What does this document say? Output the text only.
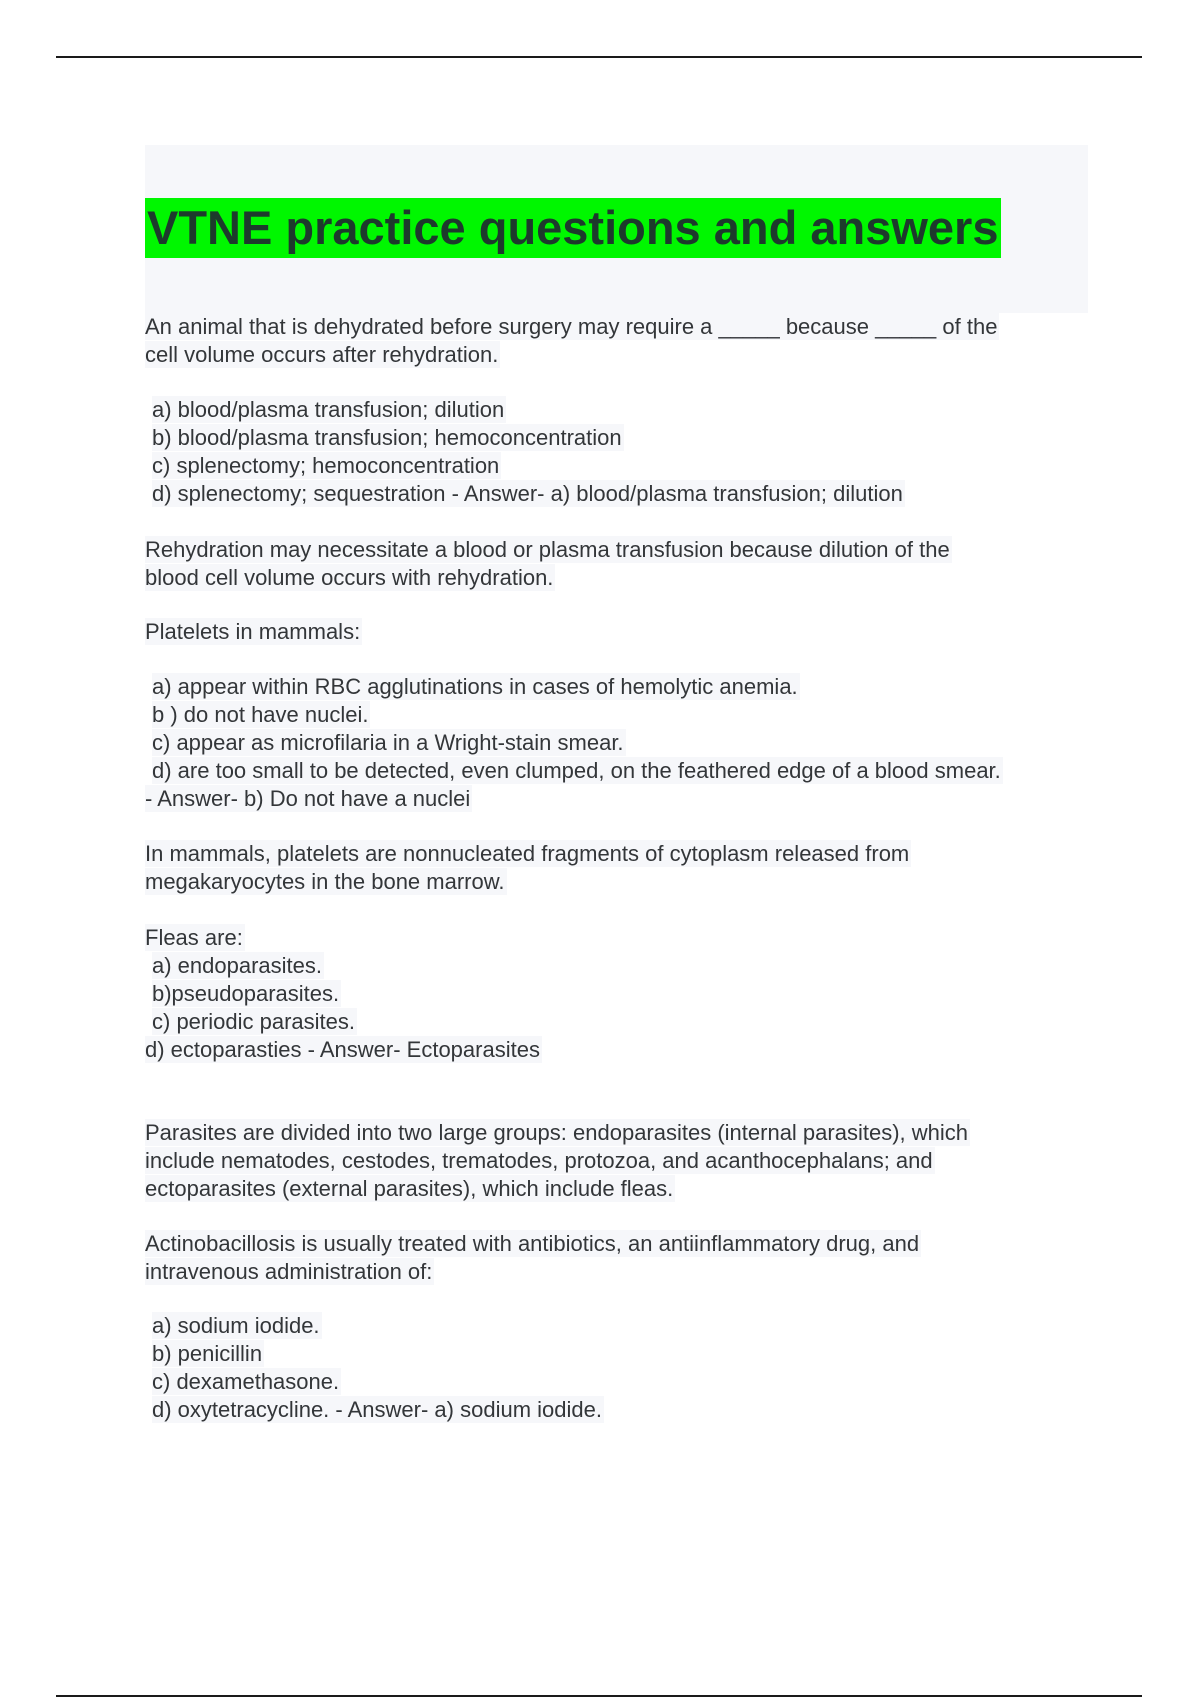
VTNE practice questions and answers
An animal that is dehydrated before surgery may require a _____ because _____ of the
cell volume occurs after rehydration.
a) blood/plasma transfusion; dilution
b) blood/plasma transfusion; hemoconcentration
c) splenectomy; hemoconcentration
d) splenectomy; sequestration - Answer- a) blood/plasma transfusion; dilution
Rehydration may necessitate a blood or plasma transfusion because dilution of the
blood cell volume occurs with rehydration.
Platelets in mammals:
a) appear within RBC agglutinations in cases of hemolytic anemia.
b ) do not have nuclei.
c) appear as microfilaria in a Wright-stain smear.
d) are too small to be detected, even clumped, on the feathered edge of a blood smear.
- Answer- b) Do not have a nuclei
In mammals, platelets are nonnucleated fragments of cytoplasm released from
megakaryocytes in the bone marrow.
Fleas are:
a) endoparasites.
b)pseudoparasites.
c) periodic parasites.
d) ectoparasties - Answer- Ectoparasites
Parasites are divided into two large groups: endoparasites (internal parasites), which
include nematodes, cestodes, trematodes, protozoa, and acanthocephalans; and
ectoparasites (external parasites), which include fleas.
Actinobacillosis is usually treated with antibiotics, an antiinflammatory drug, and
intravenous administration of:
a) sodium iodide.
b) penicillin
c) dexamethasone.
d) oxytetracycline. - Answer- a) sodium iodide.
